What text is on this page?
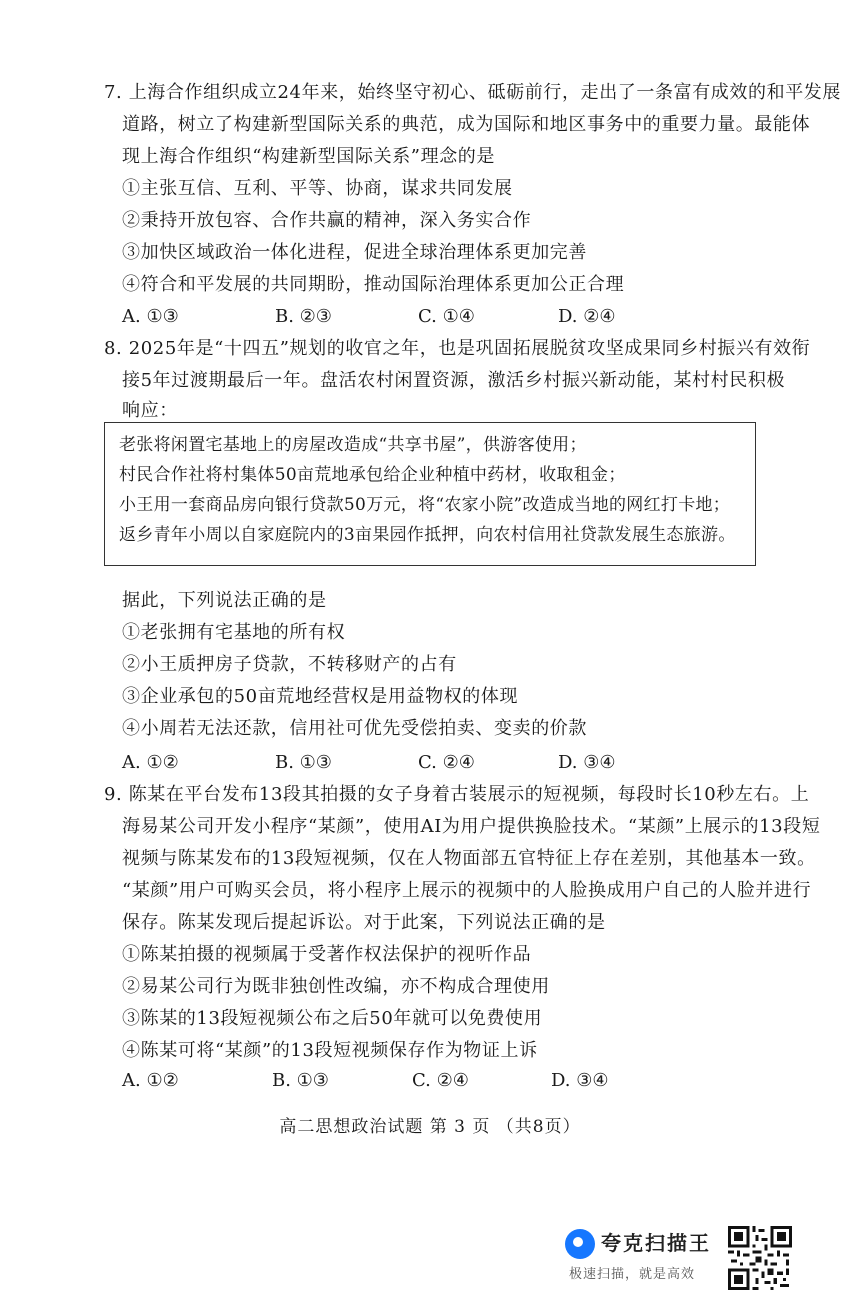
7. 上海合作组织成立24年来，始终坚守初心、砥砺前行，走出了一条富有成效的和平发展
道路，树立了构建新型国际关系的典范，成为国际和地区事务中的重要力量。最能体
现上海合作组织“构建新型国际关系”理念的是
①主张互信、互利、平等、协商，谋求共同发展
②秉持开放包容、合作共赢的精神，深入务实合作
③加快区域政治一体化进程，促进全球治理体系更加完善
④符合和平发展的共同期盼，推动国际治理体系更加公正合理
A. ①③	B. ②③	C. ①④	D. ②④
8. 2025年是“十四五”规划的收官之年，也是巩固拓展脱贫攻坚成果同乡村振兴有效衔
接5年过渡期最后一年。盘活农村闲置资源，激活乡村振兴新动能，某村村民积极
响应：
老张将闲置宅基地上的房屋改造成“共享书屋”，供游客使用；
村民合作社将村集体50亩荒地承包给企业种植中药材，收取租金；
小王用一套商品房向银行贷款50万元，将“农家小院”改造成当地的网红打卡地；
返乡青年小周以自家庭院内的3亩果园作抵押，向农村信用社贷款发展生态旅游。
据此，下列说法正确的是
①老张拥有宅基地的所有权
②小王质押房子贷款，不转移财产的占有
③企业承包的50亩荒地经营权是用益物权的体现
④小周若无法还款，信用社可优先受偿拍卖、变卖的价款
A. ①②	B. ①③	C. ②④	D. ③④
9. 陈某在平台发布13段其拍摄的女子身着古装展示的短视频，每段时长10秒左右。上
海易某公司开发小程序“某颜”，使用AI为用户提供换脸技术。“某颜”上展示的13段短
视频与陈某发布的13段短视频，仅在人物面部五官特征上存在差别，其他基本一致。
“某颜”用户可购买会员，将小程序上展示的视频中的人脸换成用户自己的人脸并进行
保存。陈某发现后提起诉讼。对于此案，下列说法正确的是
①陈某拍摄的视频属于受著作权法保护的视听作品
②易某公司行为既非独创性改编，亦不构成合理使用
③陈某的13段短视频公布之后50年就可以免费使用
④陈某可将“某颜”的13段短视频保存作为物证上诉
A. ①②	B. ①③	C. ②④	D. ③④
高二思想政治试题 第 3 页 （共8页）
夸克扫描王
极速扫描，就是高效
